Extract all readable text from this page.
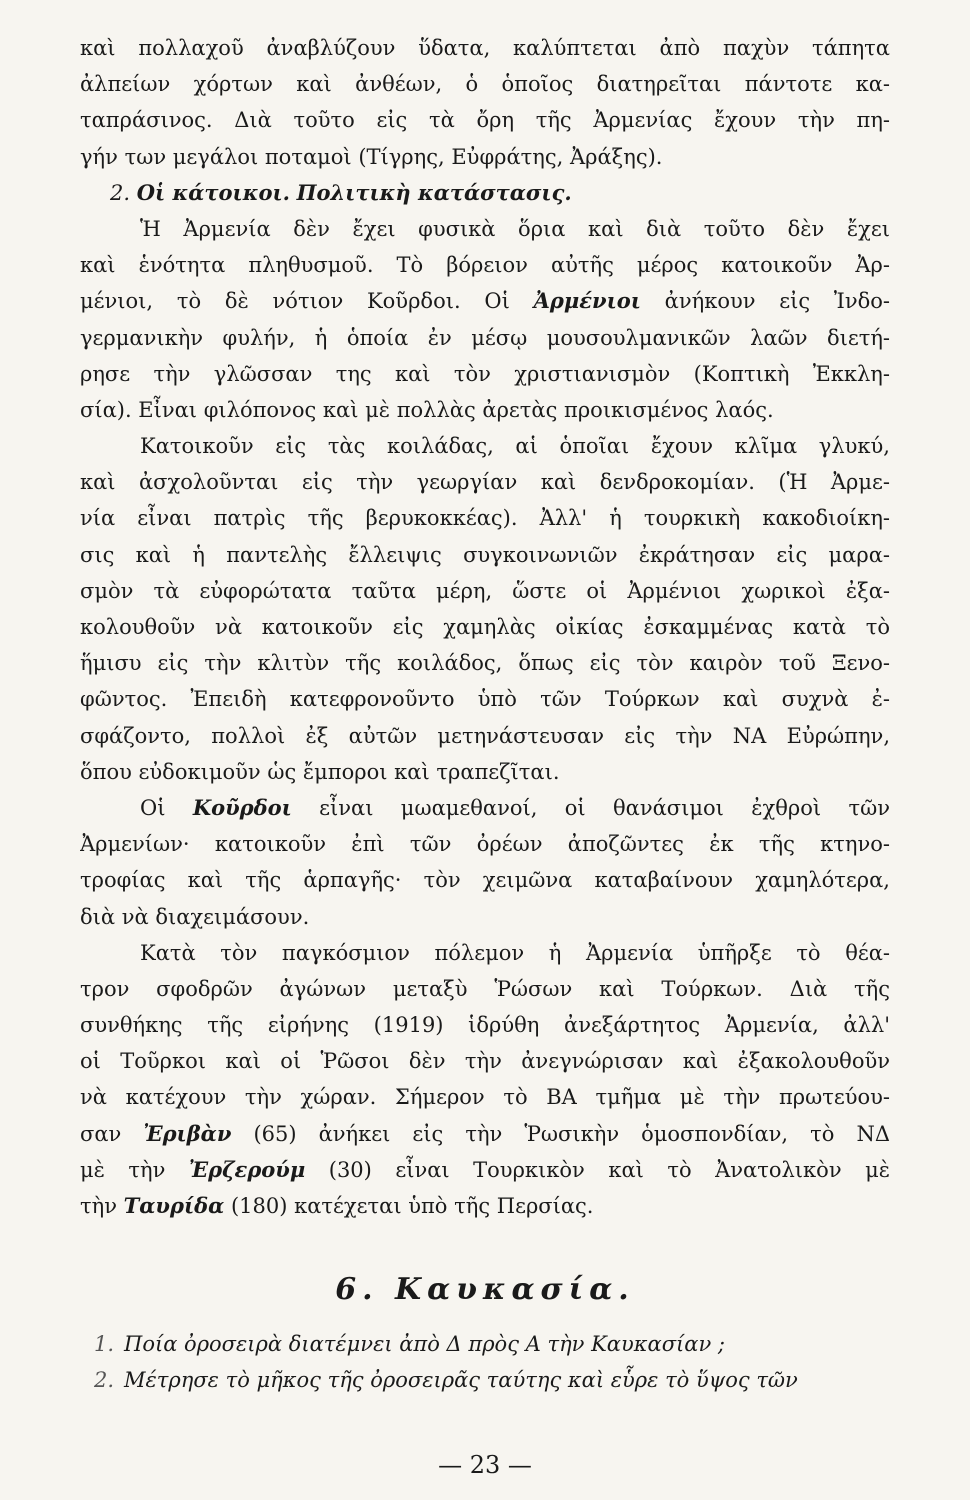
καὶ πολλαχοῦ ἀναβλύζουν ὕδατα, καλύπτεται ἀπὸ παχὺν τάπητα
ἀλπείων χόρτων καὶ ἀνθέων, ὁ ὁποῖος διατηρεῖται πάντοτε κα-
ταπράσινος. Διὰ τοῦτο εἰς τὰ ὄρη τῆς Ἀρμενίας ἔχουν τὴν πη-
γήν των μεγάλοι ποταμοὶ (Τίγρης, Εὐφράτης, Ἀράξης).
2. Οἱ κάτοικοι. Πολιτικὴ κατάστασις.
Ἡ Ἀρμενία δὲν ἔχει φυσικὰ ὅρια καὶ διὰ τοῦτο δὲν ἔχει
καὶ ἑνότητα πληθυσμοῦ. Τὸ βόρειον αὐτῆς μέρος κατοικοῦν Ἀρ-
μένιοι, τὸ δὲ νότιον Κοῦρδοι. Οἱ Ἀρμένιοι ἀνήκουν εἰς Ἰνδο-
γερμανικὴν φυλήν, ἡ ὁποία ἐν μέσῳ μουσουλμανικῶν λαῶν διετή-
ρησε τὴν γλῶσσαν της καὶ τὸν χριστιανισμὸν (Κοπτικὴ Ἐκκλη-
σία). Εἶναι φιλόπονος καὶ μὲ πολλὰς ἀρετὰς προικισμένος λαός.
Κατοικοῦν εἰς τὰς κοιλάδας, αἱ ὁποῖαι ἔχουν κλῖμα γλυκύ,
καὶ ἀσχολοῦνται εἰς τὴν γεωργίαν καὶ δενδροκομίαν. (Ἡ Ἀρμε-
νία εἶναι πατρὶς τῆς βερυκοκκέας). Ἀλλ' ἡ τουρκικὴ κακοδιοίκη-
σις καὶ ἡ παντελὴς ἔλλειψις συγκοινωνιῶν ἐκράτησαν εἰς μαρα-
σμὸν τὰ εὐφορώτατα ταῦτα μέρη, ὥστε οἱ Ἀρμένιοι χωρικοὶ ἐξα-
κολουθοῦν νὰ κατοικοῦν εἰς χαμηλὰς οἰκίας ἐσκαμμένας κατὰ τὸ
ἥμισυ εἰς τὴν κλιτὺν τῆς κοιλάδος, ὅπως εἰς τὸν καιρὸν τοῦ Ξενο-
φῶντος. Ἐπειδὴ κατεφρονοῦντο ὑπὸ τῶν Τούρκων καὶ συχνὰ ἐ-
σφάζοντο, πολλοὶ ἐξ αὐτῶν μετηνάστευσαν εἰς τὴν ΝΑ Εὐρώπην,
ὅπου εὐδοκιμοῦν ὡς ἔμποροι καὶ τραπεζῖται.
Οἱ Κοῦρδοι εἶναι μωαμεθανοί, οἱ θανάσιμοι ἐχθροὶ τῶν
Ἀρμενίων· κατοικοῦν ἐπὶ τῶν ὀρέων ἀποζῶντες ἐκ τῆς κτηνο-
τροφίας καὶ τῆς ἁρπαγῆς· τὸν χειμῶνα καταβαίνουν χαμηλότερα,
διὰ νὰ διαχειμάσουν.
Κατὰ τὸν παγκόσμιον πόλεμον ἡ Ἀρμενία ὑπῆρξε τὸ θέα-
τρον σφοδρῶν ἀγώνων μεταξὺ Ῥώσων καὶ Τούρκων. Διὰ τῆς
συνθήκης τῆς εἰρήνης (1919) ἱδρύθη ἀνεξάρτητος Ἀρμενία, ἀλλ'
οἱ Τοῦρκοι καὶ οἱ Ῥῶσοι δὲν τὴν ἀνεγνώρισαν καὶ ἐξακολουθοῦν
νὰ κατέχουν τὴν χώραν. Σήμερον τὸ ΒΑ τμῆμα μὲ τὴν πρωτεύου-
σαν Ἐριβὰν (65) ἀνήκει εἰς τὴν Ῥωσικὴν ὁμοσπονδίαν, τὸ ΝΔ
μὲ τὴν Ἐρζερούμ (30) εἶναι Τουρκικὸν καὶ τὸ Ἀνατολικὸν μὲ
τὴν Ταυρίδα (180) κατέχεται ὑπὸ τῆς Περσίας.
6. Καυκασία.
1. Ποία ὀροσειρὰ διατέμνει ἀπὸ Δ πρὸς Α τὴν Καυκασίαν ;
2. Μέτρησε τὸ μῆκος τῆς ὀροσειρᾶς ταύτης καὶ εὗρε τὸ ὕψος τῶν
— 23 —
